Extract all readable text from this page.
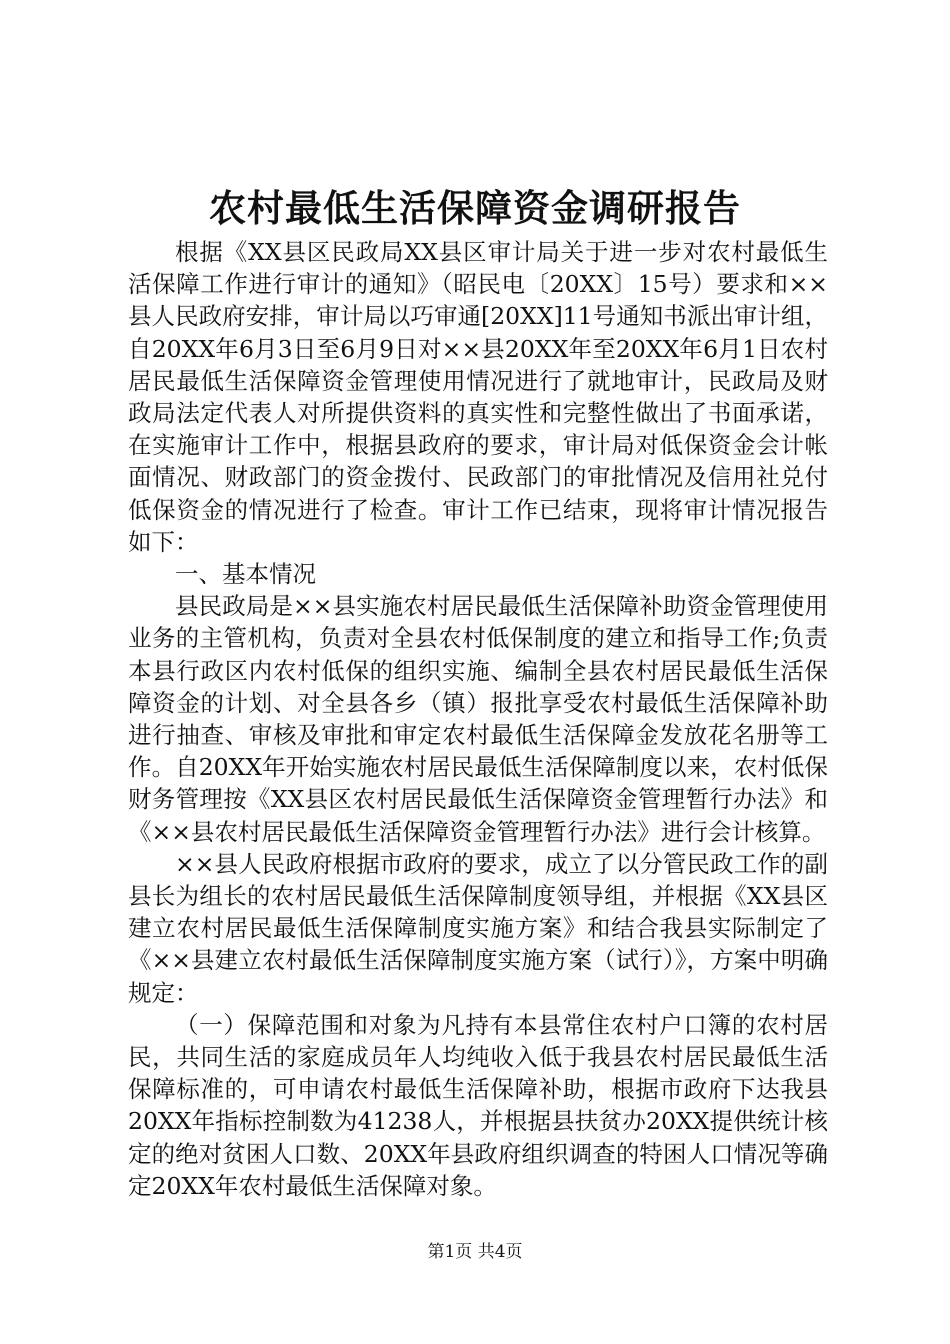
农村最低生活保障资金调研报告

根据《XX县区民政局XX县区审计局关于进一步对农村最低生活保障工作进行审计的通知》（昭民电〔20XX〕15号）要求和××县人民政府安排，审计局以巧审通[20XX]11号通知书派出审计组，自20XX年6月3日至6月9日对××县20XX年至20XX年6月1日农村居民最低生活保障资金管理使用情况进行了就地审计，民政局及财政局法定代表人对所提供资料的真实性和完整性做出了书面承诺，在实施审计工作中，根据县政府的要求，审计局对低保资金会计帐面情况、财政部门的资金拨付、民政部门的审批情况及信用社兑付低保资金的情况进行了检查。审计工作已结束，现将审计情况报告如下：

一、基本情况

县民政局是××县实施农村居民最低生活保障补助资金管理使用业务的主管机构，负责对全县农村低保制度的建立和指导工作;负责本县行政区内农村低保的组织实施、编制全县农村居民最低生活保障资金的计划、对全县各乡（镇）报批享受农村最低生活保障补助进行抽查、审核及审批和审定农村最低生活保障金发放花名册等工作。自20XX年开始实施农村居民最低生活保障制度以来，农村低保财务管理按《XX县区农村居民最低生活保障资金管理暂行办法》和《××县农村居民最低生活保障资金管理暂行办法》进行会计核算。

××县人民政府根据市政府的要求，成立了以分管民政工作的副县长为组长的农村居民最低生活保障制度领导组，并根据《XX县区建立农村居民最低生活保障制度实施方案》和结合我县实际制定了《××县建立农村最低生活保障制度实施方案（试行）》，方案中明确规定：

（一）保障范围和对象为凡持有本县常住农村户口簿的农村居民，共同生活的家庭成员年人均纯收入低于我县农村居民最低生活保障标准的，可申请农村最低生活保障补助，根据市政府下达我县20XX年指标控制数为41238人，并根据县扶贫办20XX提供统计核定的绝对贫困人口数、20XX年县政府组织调查的特困人口情况等确定20XX年农村最低生活保障对象。

第1页 共4页
